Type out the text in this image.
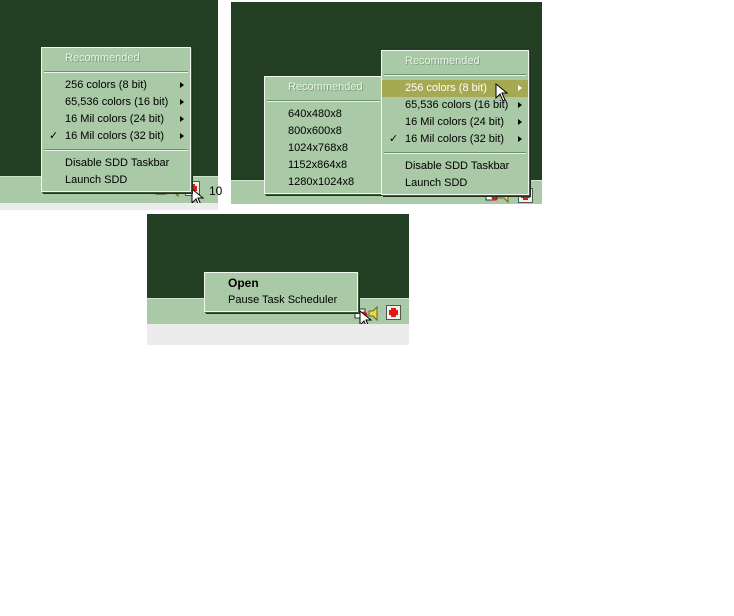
10
Recommended
256 colors (8 bit)
65,536 colors (16 bit)
16 Mil colors (24 bit)
✓ 16 Mil colors (32 bit)
Disable SDD Taskbar
Launch SDD
Recommended
640x480x8
800x600x8
1024x768x8
1152x864x8
1280x1024x8
Recommended
256 colors (8 bit)
65,536 colors (16 bit)
16 Mil colors (24 bit)
✓ 16 Mil colors (32 bit)
Disable SDD Taskbar
Launch SDD
Open
Pause Task Scheduler
